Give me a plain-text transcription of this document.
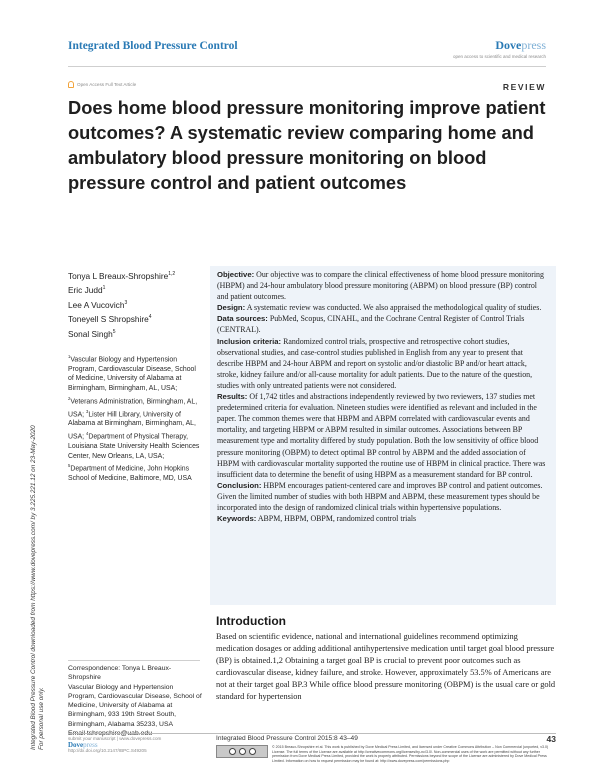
Integrated Blood Pressure Control	Dovepress
open access to scientific and medical research
Open Access Full Text Article	REVIEW
Does home blood pressure monitoring improve patient outcomes? A systematic review comparing home and ambulatory blood pressure monitoring on blood pressure control and patient outcomes
Integrated Blood Pressure Control downloaded from https://www.dovepress.com/ by 3.225.221.12 on 23-May-2020 For personal use only.
Tonya L Breaux-Shropshire$^{1,2}$
Eric Judd$^1$
Lee A Vucovich$^3$
Toneyell S Shropshire$^4$
Sonal Singh$^5$
$^1$Vascular Biology and Hypertension Program, Cardiovascular Disease, School of Medicine, University of Alabama at Birmingham, Birmingham, AL, USA; $^2$Veterans Administration, Birmingham, AL, USA; $^3$Lister Hill Library, University of Alabama at Birmingham, Birmingham, AL, USA; $^4$Department of Physical Therapy, Louisiana State University Health Sciences Center, New Orleans, LA, USA; $^5$Department of Medicine, John Hopkins School of Medicine, Baltimore, MD, USA
Correspondence: Tonya L Breaux-Shropshire
Vascular Biology and Hypertension Program, Cardiovascular Disease, School of Medicine, University of Alabama at Birmingham, 933 19th Street South, Birmingham, Alabama 35233, USA
Email tshropshire@uab.edu

Objective: Our objective was to compare the clinical effectiveness of home blood pressure monitoring (HBPM) and 24-hour ambulatory blood pressure monitoring (ABPM) on blood pressure (BP) control and patient outcomes.

Design: A systematic review was conducted. We also appraised the methodological quality of studies.

Data sources: PubMed, Scopus, CINAHL, and the Cochrane Central Register of Control Trials (CENTRAL).

Inclusion criteria: Randomized control trials, prospective and retrospective cohort studies, observational studies, and case-control studies published in English from any year to present that describe HBPM and 24-hour ABPM and report on systolic and/or diastolic BP and/or heart attack, stroke, kidney failure and/or all-cause mortality for adult patients. Due to the nature of the question, studies with only untreated patients were not considered.

Results: Of 1,742 titles and abstractions independently reviewed by two reviewers, 137 studies met predetermined criteria for evaluation. Nineteen studies were identified as relevant and included in the paper. The common themes were that HBPM and ABPM correlated with cardiovascular events and mortality, and targeting HBPM or ABPM resulted in similar outcomes. Associations between BP measurement type and mortality differed by study population. Both the low sensitivity of office blood pressure monitoring (OBPM) to detect optimal BP control by ABPM and the added association of HBPM with cardiovascular mortality supported the routine use of HBPM in clinical practice. There was insufficient data to determine the benefit of using HBPM as a measurement standard for BP control.

Conclusion: HBPM encourages patient-centered care and improves BP control and patient outcomes. Given the limited number of studies with both HBPM and ABPM, these measurement types should be incorporated into the design of randomized clinical trials within hypertensive populations.

Keywords: ABPM, HBPM, OBPM, randomized control trials

Introduction
Based on scientific evidence, national and international guidelines recommend optimizing medication dosages or adding additional antihypertensive medication until target goal blood pressure (BP) is obtained.1,2 Obtaining a target goal BP is crucial to prevent poor outcomes such as cardiovascular disease, kidney failure, and stroke. However, approximately 53.5% of Americans are not at their target goal BP.3 While office blood pressure monitoring (OBPM) is the usual care or gold standard for hypertension
submit your manuscript | www.dovepress.com
Dovepress
http://dx.doi.org/10.2147/IBPC.S49205
Integrated Blood Pressure Control 2015:8 43–49	43
© 2015 Breaux-Shropshire et al. This work is published by Dove Medical Press Limited, and licensed under Creative Commons Attribution – Non Commercial (unported, v3.0) License. The full terms of the License are available at http://creativecommons.org/licenses/by-nc/3.0/. Non-commercial uses of the work are permitted without any further permission from Dove Medical Press Limited, provided the work is properly attributed. Permissions beyond the scope of the License are administered by Dove Medical Press Limited. Information on how to request permission may be found at: http://www.dovepress.com/permissions.php
